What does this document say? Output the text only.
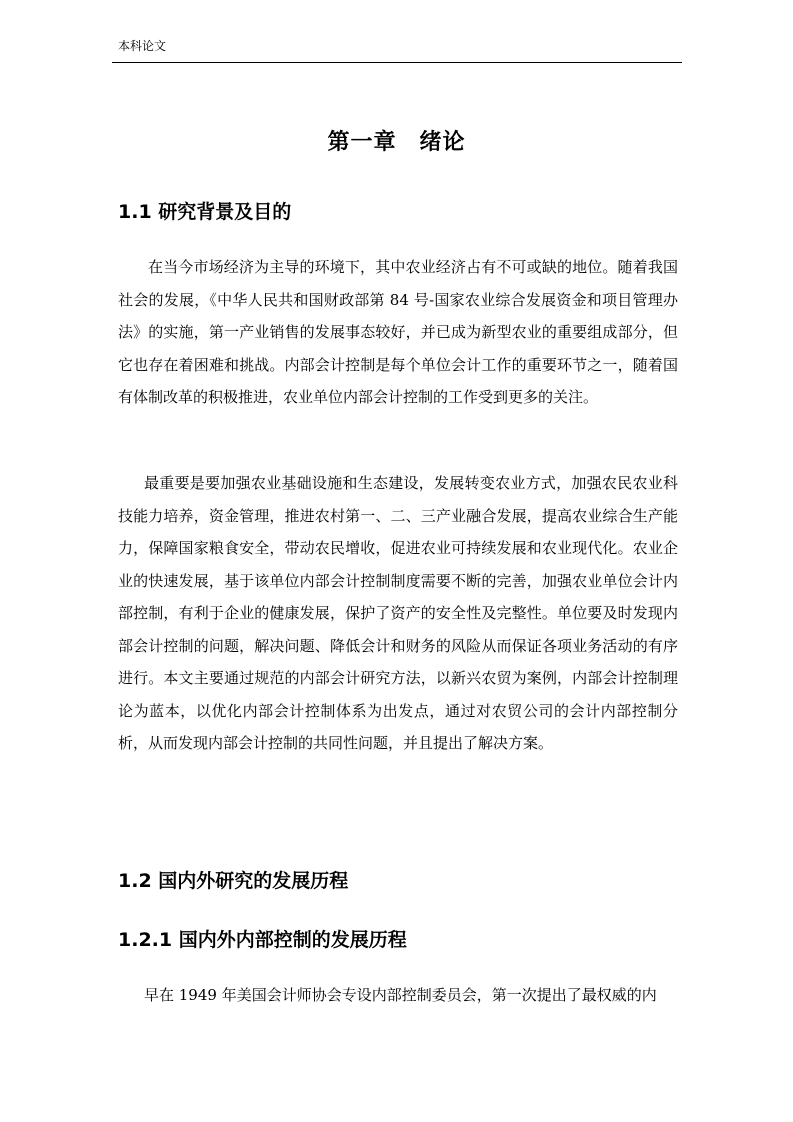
本科论文
第一章　绪论
1.1 研究背景及目的

在当今市场经济为主导的环境下，其中农业经济占有不可或缺的地位。随着我国社会的发展，《中华人民共和国财政部第 84 号-国家农业综合发展资金和项目管理办法》的实施，第一产业销售的发展事态较好，并已成为新型农业的重要组成部分，但它也存在着困难和挑战。内部会计控制是每个单位会计工作的重要环节之一，随着国有体制改革的积极推进，农业单位内部会计控制的工作受到更多的关注。

最重要是要加强农业基础设施和生态建设，发展转变农业方式，加强农民农业科技能力培养，资金管理，推进农村第一、二、三产业融合发展，提高农业综合生产能力，保障国家粮食安全，带动农民增收，促进农业可持续发展和农业现代化。农业企业的快速发展，基于该单位内部会计控制制度需要不断的完善，加强农业单位会计内部控制，有利于企业的健康发展，保护了资产的安全性及完整性。单位要及时发现内部会计控制的问题，解决问题、降低会计和财务的风险从而保证各项业务活动的有序进行。本文主要通过规范的内部会计研究方法，以新兴农贸为案例，内部会计控制理论为蓝本，以优化内部会计控制体系为出发点，通过对农贸公司的会计内部控制分析，从而发现内部会计控制的共同性问题，并且提出了解决方案。

1.2 国内外研究的发展历程
1.2.1 国内外内部控制的发展历程

早在 1949 年美国会计师协会专设内部控制委员会，第一次提出了最权威的内
